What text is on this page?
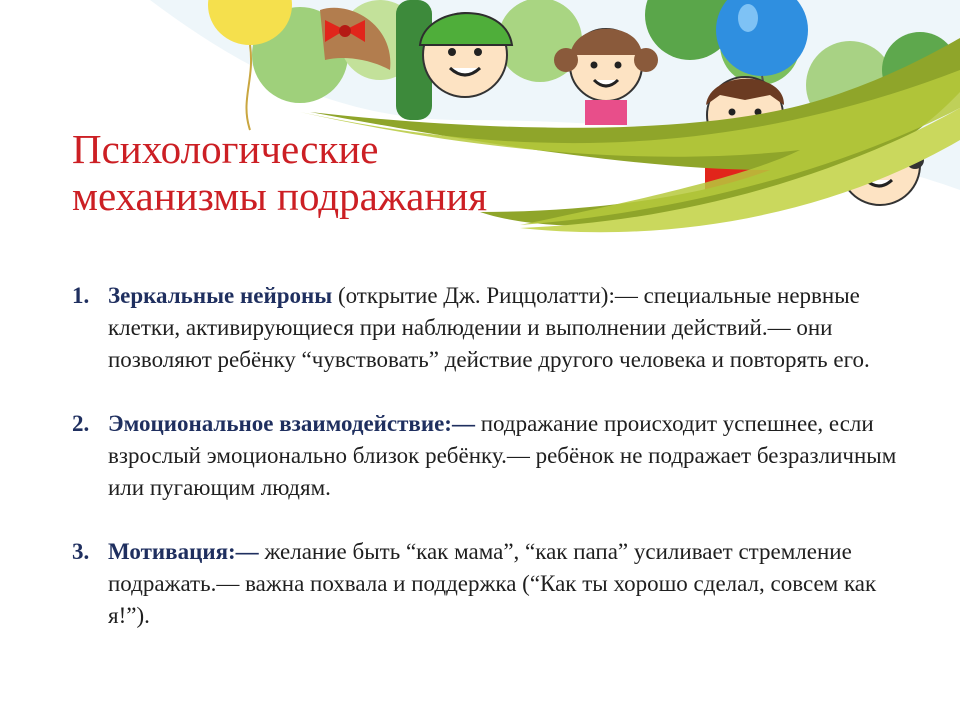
Психологические
механизмы подражания
1. Зеркальные нейроны (открытие Дж. Риццолатти):— специальные нервные клетки, активирующиеся при наблюдении и выполнении действий.— они позволяют ребёнку “чувствовать” действие другого человека и повторять его.
2. Эмоциональное взаимодействие:— подражание происходит успешнее, если взрослый эмоционально близок ребёнку.— ребёнок не подражает безразличным или пугающим людям.
3. Мотивация:— желание быть “как мама”, “как папа” усиливает стремление подражать.— важна похвала и поддержка (“Как ты хорошо сделал, совсем как я!”).
